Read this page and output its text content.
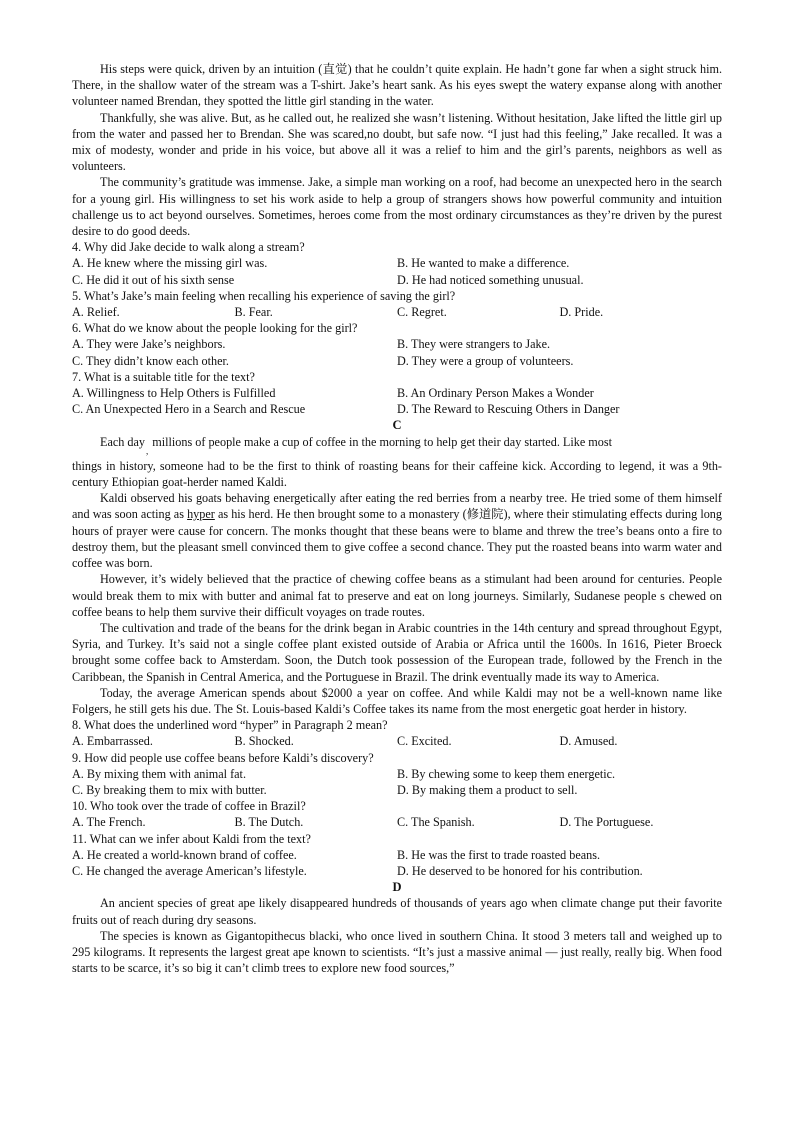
His steps were quick, driven by an intuition (直觉) that he couldn’t quite explain. He hadn’t gone far when a sight struck him. There, in the shallow water of the stream was a T-shirt. Jake’s heart sank. As his eyes swept the watery expanse along with another volunteer named Brendan, they spotted the little girl standing in the water.

Thankfully, she was alive. But, as he called out, he realized she wasn’t listening. Without hesitation, Jake lifted the little girl up from the water and passed her to Brendan. She was scared,no doubt, but safe now. “I just had this feeling,” Jake recalled. It was a mix of modesty, wonder and pride in his voice, but above all it was a relief to him and the girl’s parents, neighbors as well as volunteers.

The community’s gratitude was immense. Jake, a simple man working on a roof, had become an unexpected hero in the search for a young girl. His willingness to set his work aside to help a group of strangers shows how powerful community and intuition challenge us to act beyond ourselves. Sometimes, heroes come from the most ordinary circumstances as they’re driven by the purest desire to do good deeds.

4. Why did Jake decide to walk along a stream?

A. He knew where the missing girl was.	B. He wanted to make a difference.
C. He did it out of his sixth sense	D. He had noticed something unusual.

5. What’s Jake’s main feeling when recalling his experience of saving the girl?

A. Relief.	B. Fear.	C. Regret.	D. Pride.

6. What do we know about the people looking for the girl?

A. They were Jake’s neighbors.	B. They were strangers to Jake.
C. They didn’t know each other.	D. They were a group of volunteers.

7. What is a suitable title for the text?

A. Willingness to Help Others is Fulfilled	B. An Ordinary Person Makes a Wonder
C. An Unexpected Hero in a Search and Rescue	D. The Reward to Rescuing Others in Danger

C

Each day$_,$millions of people make a cup of coffee in the morning to help get their day started. Like most

things in history, someone had to be the first to think of roasting beans for their caffeine kick. According to legend, it was a 9th-century Ethiopian goat-herder named Kaldi.

Kaldi observed his goats behaving energetically after eating the red berries from a nearby tree. He tried some of them himself and was soon acting as hyper as his herd. He then brought some to a monastery (修道院), where their stimulating effects during long hours of prayer were cause for concern. The monks thought that these beans were to blame and threw the tree’s beans onto a fire to destroy them, but the pleasant smell convinced them to give coffee a second chance. They put the roasted beans into warm water and coffee was born.

However, it’s widely believed that the practice of chewing coffee beans as a stimulant had been around for centuries. People would break them to mix with butter and animal fat to preserve and eat on long journeys. Similarly, Sudanese people s chewed on coffee beans to help them survive their difficult voyages on trade routes.

The cultivation and trade of the beans for the drink began in Arabic countries in the 14th century and spread throughout Egypt, Syria, and Turkey. It’s said not a single coffee plant existed outside of Arabia or Africa until the 1600s. In 1616, Pieter Broeck brought some coffee back to Amsterdam. Soon, the Dutch took possession of the European trade, followed by the French in the Caribbean, the Spanish in Central America, and the Portuguese in Brazil. The drink eventually made its way to America.

Today, the average American spends about $2000 a year on coffee. And while Kaldi may not be a well-known name like Folgers, he still gets his due. The St. Louis-based Kaldi’s Coffee takes its name from the most energetic goat herder in history.

8. What does the underlined word “hyper” in Paragraph 2 mean?

A. Embarrassed.	B. Shocked.	C. Excited.	D. Amused.

9. How did people use coffee beans before Kaldi’s discovery?

A. By mixing them with animal fat.	B. By chewing some to keep them energetic.
C. By breaking them to mix with butter.	D. By making them a product to sell.

10. Who took over the trade of coffee in Brazil?

A. The French.	B. The Dutch.	C. The Spanish.	D. The Portuguese.

11. What can we infer about Kaldi from the text?

A. He created a world-known brand of coffee.	B. He was the first to trade roasted beans.
C. He changed the average American’s lifestyle.	D. He deserved to be honored for his contribution.

D

An ancient species of great ape likely disappeared hundreds of thousands of years ago when climate change put their favorite fruits out of reach during dry seasons.

The species is known as Gigantopithecus blacki, who once lived in southern China. It stood 3 meters tall and weighed up to 295 kilograms. It represents the largest great ape known to scientists. “It’s just a massive animal — just really, really big. When food starts to be scarce, it’s so big it can’t climb trees to explore new food sources,”
